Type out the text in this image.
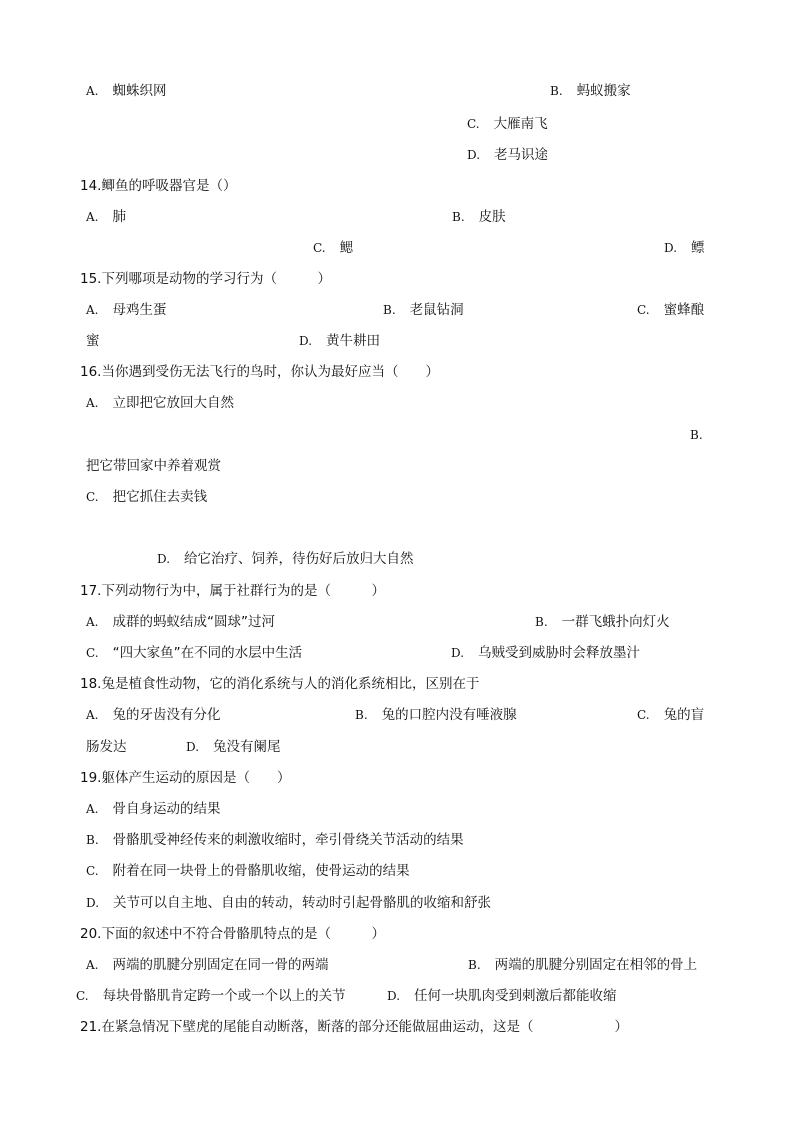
A. 蜘蛛织网	B. 蚂蚁搬家
C. 大雁南飞
D. 老马识途
14.鲫鱼的呼吸器官是（）
A. 肺	B. 皮肤
C. 鳃	D. 鳔
15.下列哪项是动物的学习行为（　　　）
A. 母鸡生蛋	B. 老鼠钻洞	C. 蜜蜂酿
蜜	D. 黄牛耕田
16.当你遇到受伤无法飞行的鸟时，你认为最好应当（　　）
A. 立即把它放回大自然
B.
把它带回家中养着观赏
C. 把它抓住去卖钱
D. 给它治疗、饲养，待伤好后放归大自然
17.下列动物行为中，属于社群行为的是（　　　）
A. 成群的蚂蚁结成“圆球”过河	B. 一群飞蛾扑向灯火
C. “四大家鱼”在不同的水层中生活	D. 乌贼受到威胁时会释放墨汁
18.兔是植食性动物，它的消化系统与人的消化系统相比，区别在于
A. 兔的牙齿没有分化	B. 兔的口腔内没有唾液腺	C. 兔的盲
肠发达	D. 兔没有阑尾
19.躯体产生运动的原因是（　　）
A. 骨自身运动的结果
B. 骨骼肌受神经传来的刺激收缩时，牵引骨绕关节活动的结果
C. 附着在同一块骨上的骨骼肌收缩，使骨运动的结果
D. 关节可以自主地、自由的转动，转动时引起骨骼肌的收缩和舒张
20.下面的叙述中不符合骨骼肌特点的是（　　　）
A. 两端的肌腱分别固定在同一骨的两端	B. 两端的肌腱分别固定在相邻的骨上
C. 每块骨骼肌肯定跨一个或一个以上的关节	D. 任何一块肌肉受到刺激后都能收缩
21.在紧急情况下壁虎的尾能自动断落，断落的部分还能做屈曲运动，这是（　　　　　　）
